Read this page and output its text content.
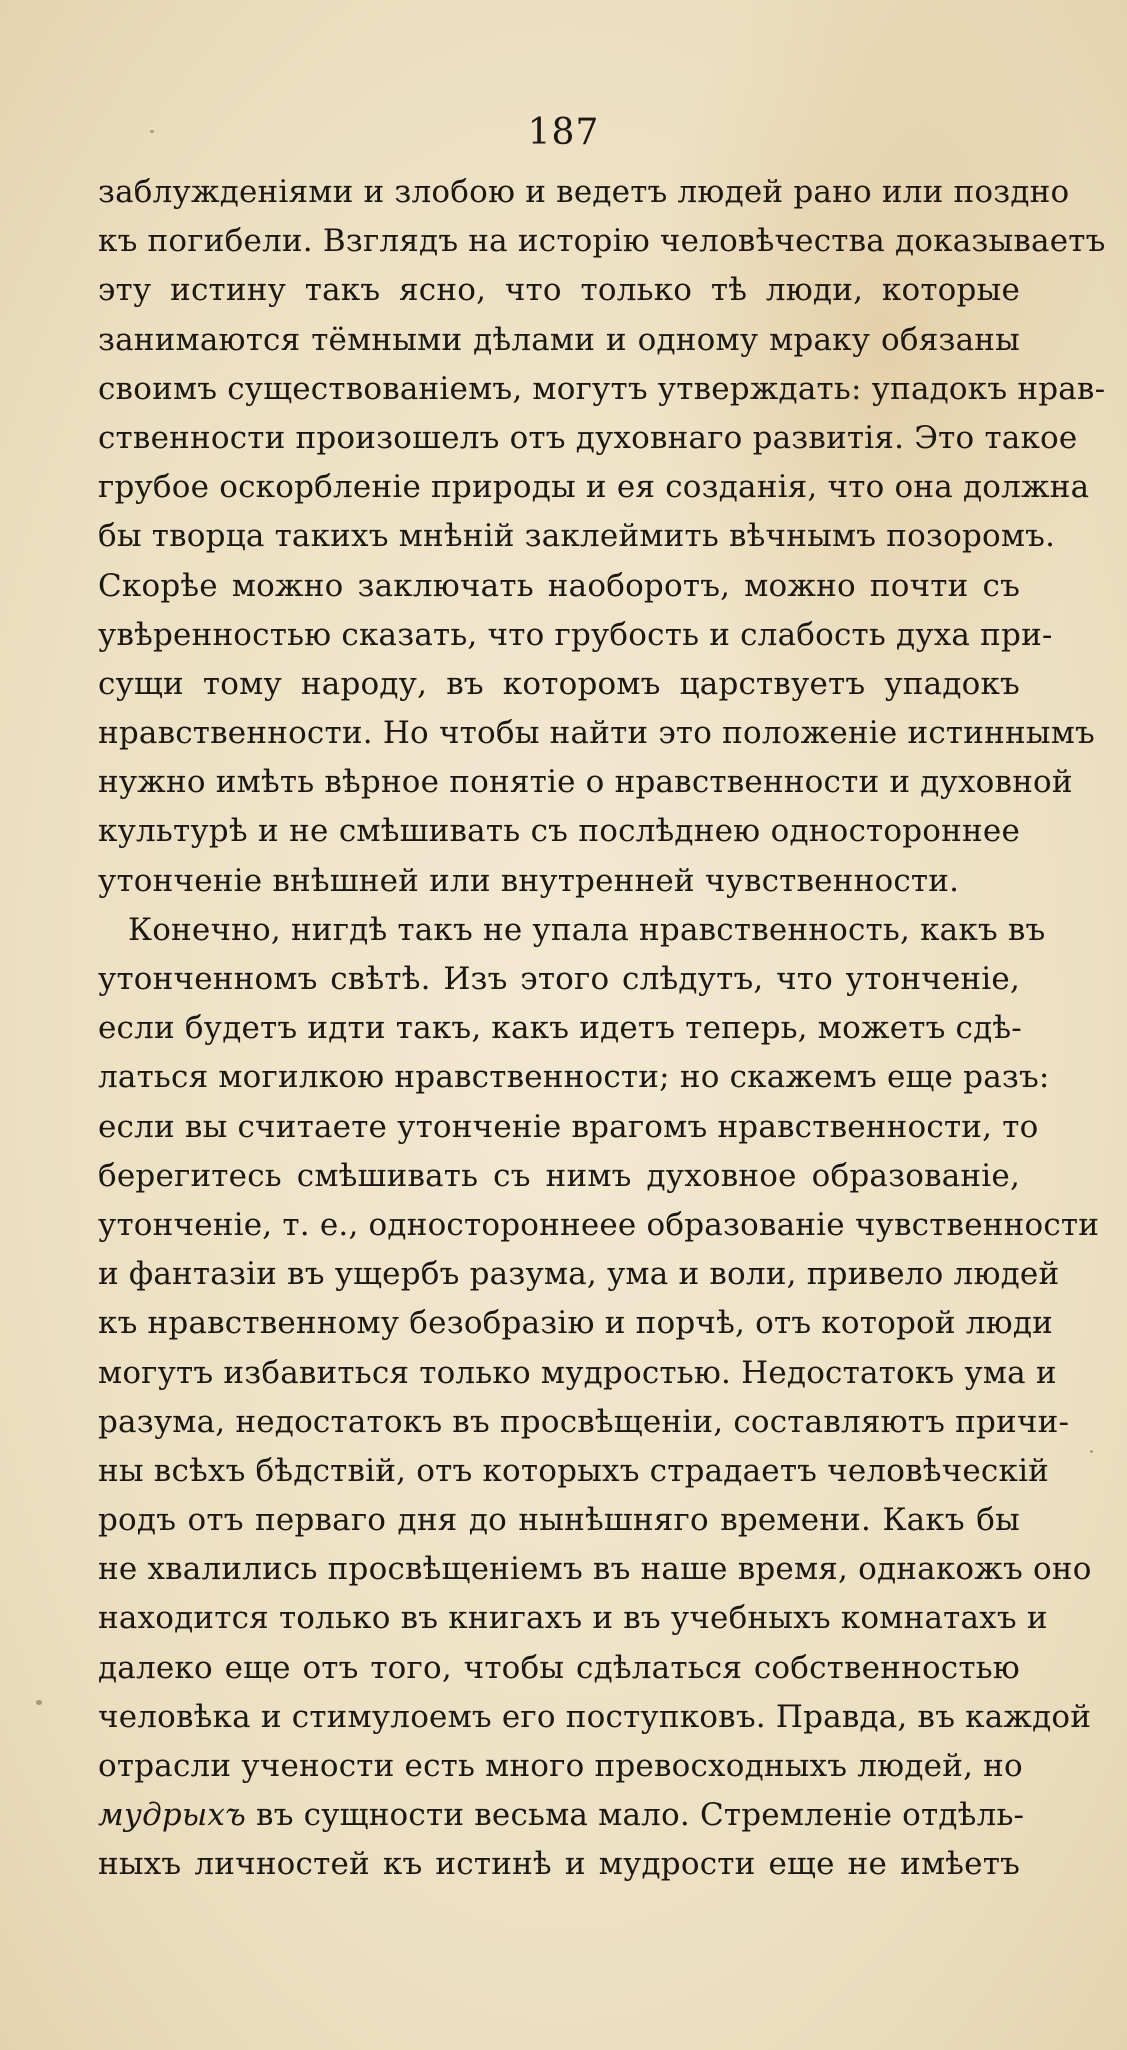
187
заблужденіями и злобою и ведетъ людей рано или поздно
къ погибели. Взглядъ на исторію человѣчества доказываетъ
эту истину такъ ясно, что только тѣ люди, которые
занимаются тёмными дѣлами и одному мраку обязаны
своимъ существованіемъ, могутъ утверждать: упадокъ нрав-
ственности произошелъ отъ духовнаго развитія. Это такое
грубое оскорбленіе природы и ея созданія, что она должна
бы творца такихъ мнѣній заклеймить вѣчнымъ позоромъ.
Скорѣе можно заключать наоборотъ, можно почти съ
увѣренностью сказать, что грубость и слабость духа при-
сущи тому народу, въ которомъ царствуетъ упадокъ
нравственности. Но чтобы найти это положеніе истиннымъ
нужно имѣть вѣрное понятіе о нравственности и духовной
культурѣ и не смѣшивать съ послѣднею одностороннее
утонченіе внѣшней или внутренней чувственности.
Конечно, нигдѣ такъ не упала нравственность, какъ въ
утонченномъ свѣтѣ. Изъ этого слѣдутъ, что утонченіе,
если будетъ идти такъ, какъ идетъ теперь, можетъ сдѣ-
латься могилкою нравственности; но скажемъ еще разъ:
если вы считаете утонченіе врагомъ нравственности, то
берегитесь смѣшивать съ нимъ духовное образованіе,
утонченіе, т. е., одностороннеее образованіе чувственности
и фантазіи въ ущербъ разума, ума и воли, привело людей
къ нравственному безобразію и порчѣ, отъ которой люди
могутъ избавиться только мудростью. Недостатокъ ума и
разума, недостатокъ въ просвѣщеніи, составляютъ причи-
ны всѣхъ бѣдствій, отъ которыхъ страдаетъ человѣческій
родъ отъ перваго дня до нынѣшняго времени. Какъ бы
не хвалились просвѣщеніемъ въ наше время, однакожъ оно
находится только въ книгахъ и въ учебныхъ комнатахъ и
далеко еще отъ того, чтобы сдѣлаться собственностью
человѣка и стимулоемъ его поступковъ. Правда, въ каждой
отрасли учености есть много превосходныхъ людей, но
мудрыхъ въ сущности весьма мало. Стремленіе отдѣль-
ныхъ личностей къ истинѣ и мудрости еще не имѣетъ
